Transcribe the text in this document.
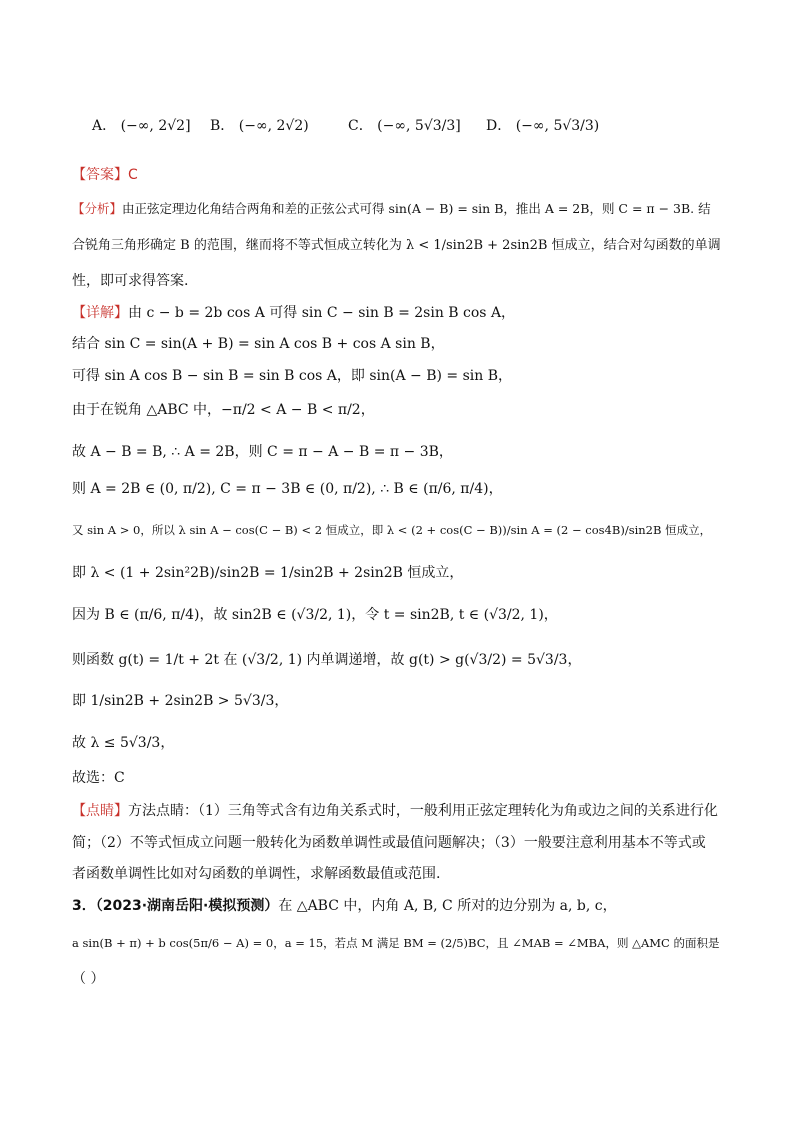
A． (−∞, 2√2] B． (−∞, 2√2)	C． (−∞, 5√3/3] D． (−∞, 5√3/3)
【答案】C
【分析】由正弦定理边化角结合两角和差的正弦公式可得 sin(A − B) = sin B，推出 A = 2B，则 C = π − 3B. 结
合锐角三角形确定 B 的范围，继而将不等式恒成立转化为 λ < 1/sin2B + 2sin2B 恒成立，结合对勾函数的单调
性，即可求得答案.
【详解】由 c − b = 2b cos A 可得 sin C − sin B = 2sin B cos A，
结合 sin C = sin(A + B) = sin A cos B + cos A sin B，
可得 sin A cos B − sin B = sin B cos A，即 sin(A − B) = sin B，
由于在锐角 △ABC 中，−π/2 < A − B < π/2，
故 A − B = B, ∴ A = 2B，则 C = π − A − B = π − 3B，
则 A = 2B ∈ (0, π/2), C = π − 3B ∈ (0, π/2), ∴ B ∈ (π/6, π/4)，
又 sin A > 0，所以 λ sin A − cos(C − B) < 2 恒成立，即 λ < (2 + cos(C − B))/sin A = (2 − cos4B)/sin2B 恒成立，
即 λ < (1 + 2sin²2B)/sin2B = 1/sin2B + 2sin2B 恒成立，
因为 B ∈ (π/6, π/4)，故 sin2B ∈ (√3/2, 1)，令 t = sin2B, t ∈ (√3/2, 1)，
则函数 g(t) = 1/t + 2t 在 (√3/2, 1) 内单调递增，故 g(t) > g(√3/2) = 5√3/3，
即 1/sin2B + 2sin2B > 5√3/3，
故 λ ≤ 5√3/3，
故选：C
【点睛】方法点睛：（1）三角等式含有边角关系式时，一般利用正弦定理转化为角或边之间的关系进行化
简；（2）不等式恒成立问题一般转化为函数单调性或最值问题解决；（3）一般要注意利用基本不等式或
者函数单调性比如对勾函数的单调性，求解函数最值或范围.
3．（2023·湖南岳阳·模拟预测）在 △ABC 中，内角 A, B, C 所对的边分别为 a, b, c，
a sin(B + π) + b cos(5π/6 − A) = 0，a = 15，若点 M 满足 BM = (2/5)BC，且 ∠MAB = ∠MBA，则 △AMC 的面积是
（ ）
